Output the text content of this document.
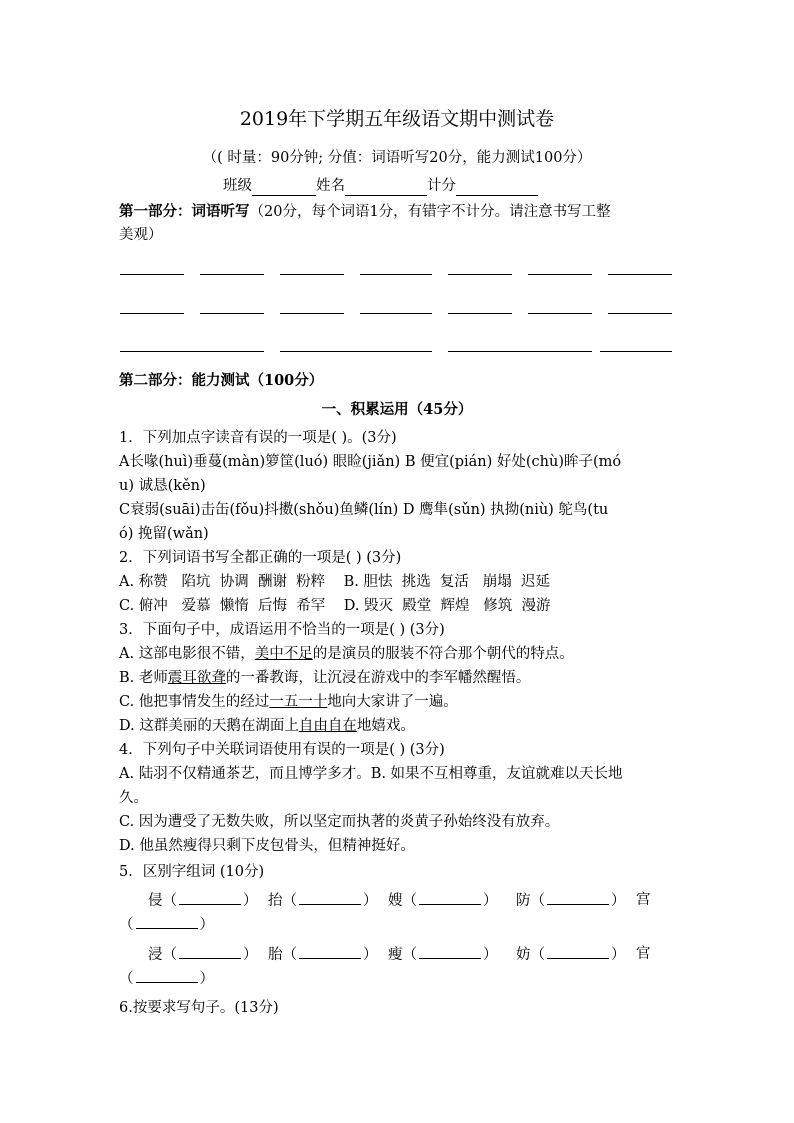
2019年下学期五年级语文期中测试卷
（( 时量：90分钟; 分值：词语听写20分，能力测试100分）
班级	姓名	计分
第一部分：词语听写（20分，每个词语1分，有错字不计分。请注意书写工整
美观）
第二部分：能力测试（100分）
一、积累运用（45分）
1．下列加点字读音有误的一项是( )。(3分)
A长喙(huì)垂蔓(màn)箩筐(luó) 眼睑(jiǎn) B 便宜(pián) 好处(chù)眸子(mó
u) 诚恳(kěn)
C衰弱(suāi)击缶(fǒu)抖擞(shǒu)鱼鳞(lín) D 鹰隼(sǔn) 执拗(niù) 鸵鸟(tu
ó) 挽留(wǎn)
2．下列词语书写全都正确的一项是( ) (3分)
A. 称赞   陷坑  协调  酬谢  粉粹    B. 胆怯  挑选  复活   崩塌  迟延
C. 俯冲   爱慕  懒惰  后悔  希罕    D. 毁灭  殿堂  辉煌   修筑  漫游
3．下面句子中，成语运用不恰当的一项是( ) (3分)
A. 这部电影很不错，美中不足的是演员的服装不符合那个朝代的特点。
B. 老师震耳欲聋的一番教诲，让沉浸在游戏中的李军幡然醒悟。
C. 他把事情发生的经过一五一十地向大家讲了一遍。
D. 这群美丽的天鹅在湖面上自由自在地嬉戏。
4．下列句子中关联词语使用有误的一项是( ) (3分)
A. 陆羽不仅精通茶艺，而且博学多才。B. 如果不互相尊重，友谊就难以天长地
久。
C. 因为遭受了无数失败，所以坚定而执著的炎黄子孙始终没有放弃。
D. 他虽然瘦得只剩下皮包骨头，但精神挺好。
5．区别字组词 (10分)
侵（	） 抬（	） 嫂（	） 防（	） 宫
（	）
浸（	） 胎（	） 瘦（	） 妨（	） 官
（	）
6.按要求写句子。(13分)
